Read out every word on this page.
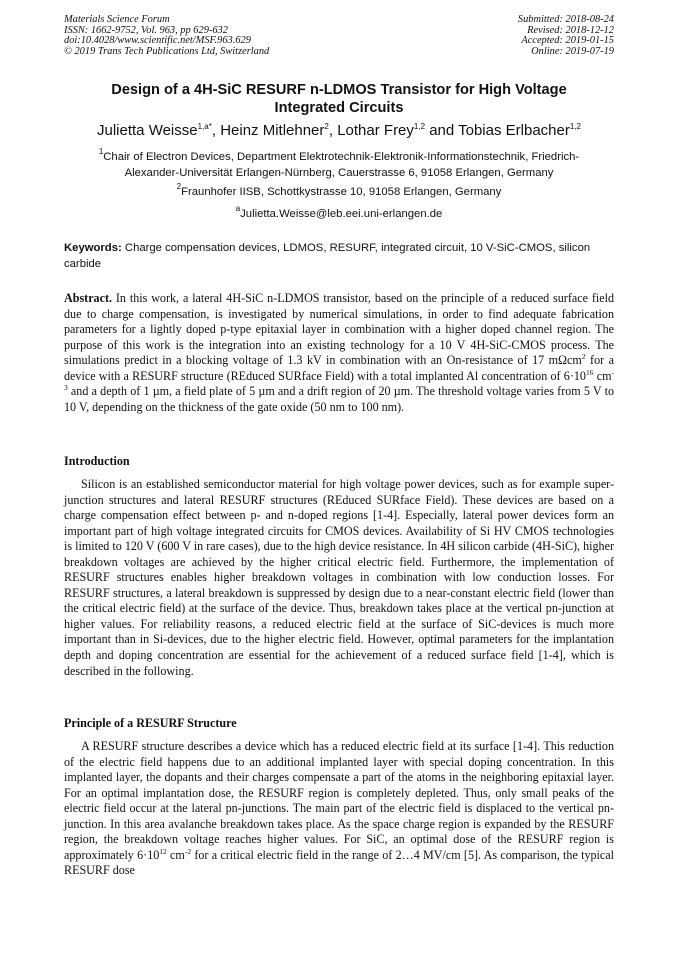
Materials Science Forum
ISSN: 1662-9752, Vol. 963, pp 629-632
doi:10.4028/www.scientific.net/MSF.963.629
© 2019 Trans Tech Publications Ltd, Switzerland
Submitted: 2018-08-24
Revised: 2018-12-12
Accepted: 2019-01-15
Online: 2019-07-19
Design of a 4H-SiC RESURF n-LDMOS Transistor for High Voltage
Integrated Circuits
Julietta Weisse$^{1,a*}$, Heinz Mitlehner$^2$, Lothar Frey$^{1,2}$ and Tobias Erlbacher$^{1,2}$
$^1$Chair of Electron Devices, Department Elektrotechnik-Elektronik-Informationstechnik, Friedrich-
Alexander-Universität Erlangen-Nürnberg, Cauerstrasse 6, 91058 Erlangen, Germany
$^2$Fraunhofer IISB, Schottkystrasse 10, 91058 Erlangen, Germany
$^a$Julietta.Weisse@leb.eei.uni-erlangen.de
Keywords: Charge compensation devices, LDMOS, RESURF, integrated circuit, 10 V-SiC-CMOS, silicon carbide
Abstract. In this work, a lateral 4H-SiC n-LDMOS transistor, based on the principle of a reduced surface field due to charge compensation, is investigated by numerical simulations, in order to find adequate fabrication parameters for a lightly doped p-type epitaxial layer in combination with a higher doped channel region. The purpose of this work is the integration into an existing technology for a 10 V 4H-SiC-CMOS process. The simulations predict in a blocking voltage of 1.3 kV in combination with an On-resistance of 17 mΩcm$^2$ for a device with a RESURF structure (REduced SURface Field) with a total implanted Al concentration of $6\cdot 10^{16}$ $cm^{-3}$ and a depth of 1 µm, a field plate of 5 µm and a drift region of 20 µm. The threshold voltage varies from 5 V to 10 V, depending on the thickness of the gate oxide (50 nm to 100 nm).
Introduction
Silicon is an established semiconductor material for high voltage power devices, such as for example super-junction structures and lateral RESURF structures (REduced SURface Field). These devices are based on a charge compensation effect between p- and n-doped regions [1-4]. Especially, lateral power devices form an important part of high voltage integrated circuits for CMOS devices. Availability of Si HV CMOS technologies is limited to 120 V (600 V in rare cases), due to the high device resistance. In 4H silicon carbide (4H-SiC), higher breakdown voltages are achieved by the higher critical electric field. Furthermore, the implementation of RESURF structures enables higher breakdown voltages in combination with low conduction losses. For RESURF structures, a lateral breakdown is suppressed by design due to a near-constant electric field (lower than the critical electric field) at the surface of the device. Thus, breakdown takes place at the vertical pn-junction at higher values. For reliability reasons, a reduced electric field at the surface of SiC-devices is much more important than in Si-devices, due to the higher electric field. However, optimal parameters for the implantation depth and doping concentration are essential for the achievement of a reduced surface field [1-4], which is described in the following.
Principle of a RESURF Structure
A RESURF structure describes a device which has a reduced electric field at its surface [1-4]. This reduction of the electric field happens due to an additional implanted layer with special doping concentration. In this implanted layer, the dopants and their charges compensate a part of the atoms in the neighboring epitaxial layer. For an optimal implantation dose, the RESURF region is completely depleted. Thus, only small peaks of the electric field occur at the lateral pn-junctions. The main part of the electric field is displaced to the vertical pn-junction. In this area avalanche breakdown takes place. As the space charge region is expanded by the RESURF region, the breakdown voltage reaches higher values. For SiC, an optimal dose of the RESURF region is approximately $6\cdot 10^{12}$ $cm^{-2}$ for a critical electric field in the range of 2…4 MV/cm [5]. As comparison, the typical RESURF dose
